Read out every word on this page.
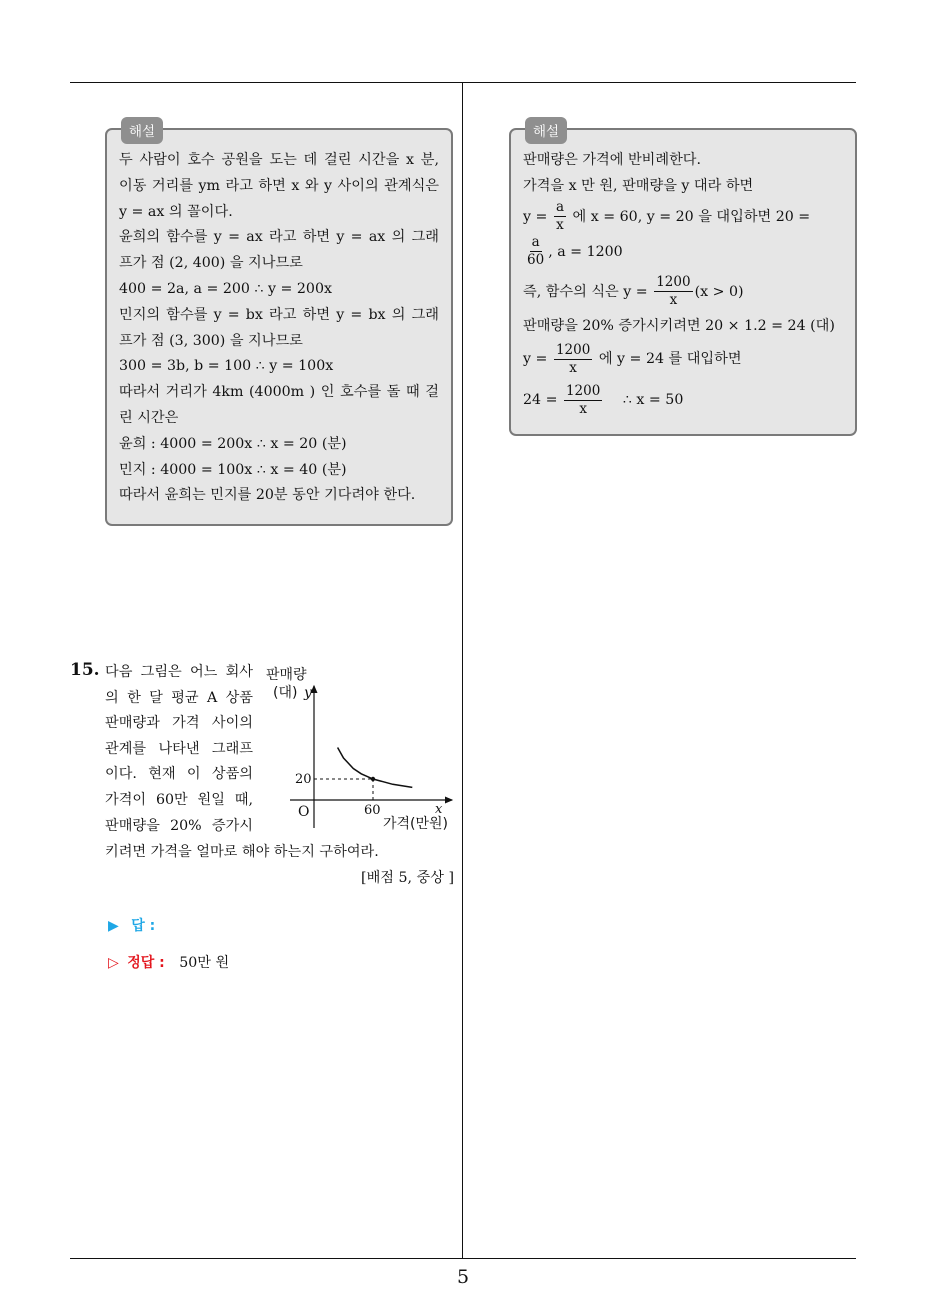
5
해설
두 사람이 호수 공원을 도는 데 걸린 시간을 x 분,
이동 거리를 ym 라고 하면 x 와 y 사이의 관계식은
y = ax 의 꼴이다.
윤희의 함수를 y = ax 라고 하면 y = ax 의 그래
프가 점 (2, 400) 을 지나므로
400 = 2a, a = 200 ∴ y = 200x
민지의 함수를 y = bx 라고 하면 y = bx 의 그래
프가 점 (3, 300) 을 지나므로
300 = 3b, b = 100 ∴ y = 100x
따라서 거리가 4km (4000m ) 인 호수를 돌 때 걸
린 시간은
윤희 : 4000 = 200x ∴ x = 20 (분)
민지 : 4000 = 100x ∴ x = 40 (분)
따라서 윤희는 민지를 20분 동안 기다려야 한다.
해설
판매량은 가격에 반비례한다.
가격을 x 만 원, 판매량을 y 대라 하면
$y = \frac{a}{x}$ 에 x = 60, y = 20 을 대입하면 20 =
$\frac{a}{60}$ , a = 1200
즉, 함수의 식은 $y = \frac{1200}{x} (x > 0)$
판매량을 20% 증가시키려면 20 × 1.2 = 24 (대)
$y = \frac{1200}{x}$ 에 y = 24 를 대입하면
$24 = \frac{1200}{x}$ ∴ x = 50
15. 다음 그림은 어느 회사
의 한 달 평균 A 상품
판매량과 가격 사이의
관계를 나타낸 그래프
이다. 현재 이 상품의
가격이 60만 원일 때,
판매량을 20% 증가시
키려면 가격을 얼마로 해야 하는지 구하여라.
[배점 5, 중상 ]
판매량
(대) y
x
O
20
60
가격(만원)
▶ 답 :
▷ 정답 : 50만 원
